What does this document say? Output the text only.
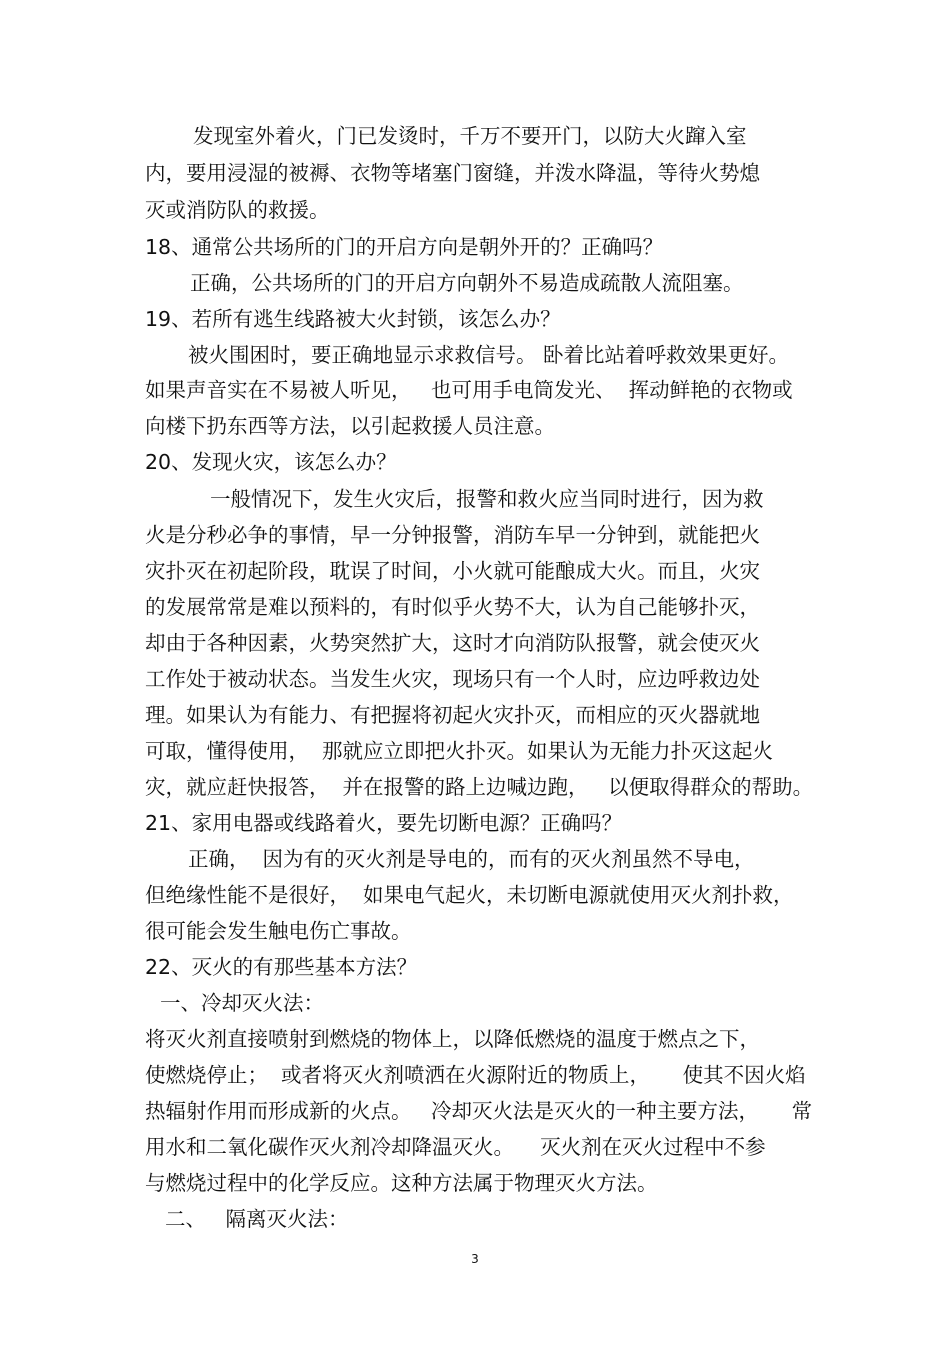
发现室外着火，门已发烫时，千万不要开门，以防大火蹿入室
内，要用浸湿的被褥、衣物等堵塞门窗缝，并泼水降温，等待火势熄
灭或消防队的救援。
18、通常公共场所的门的开启方向是朝外开的？正确吗？
正确，公共场所的门的开启方向朝外不易造成疏散人流阻塞。
19、若所有逃生线路被大火封锁，该怎么办？
被火围困时，要正确地显示求救信号。 卧着比站着呼救效果更好。
如果声音实在不易被人听见，   也可用手电筒发光、  挥动鲜艳的衣物或
向楼下扔东西等方法，以引起救援人员注意。
20、发现火灾，该怎么办？
一般情况下，发生火灾后，报警和救火应当同时进行，因为救
火是分秒必争的事情，早一分钟报警，消防车早一分钟到，就能把火
灾扑灭在初起阶段，耽误了时间，小火就可能酿成大火。而且，火灾
的发展常常是难以预料的，有时似乎火势不大，认为自己能够扑灭，
却由于各种因素，火势突然扩大，这时才向消防队报警，就会使灭火
工作处于被动状态。当发生火灾，现场只有一个人时，应边呼救边处
理。如果认为有能力、有把握将初起火灾扑灭，而相应的灭火器就地
可取，懂得使用，  那就应立即把火扑灭。如果认为无能力扑灭这起火
灾，就应赶快报答，  并在报警的路上边喊边跑，   以便取得群众的帮助。
21、家用电器或线路着火，要先切断电源？正确吗？
正确，  因为有的灭火剂是导电的，而有的灭火剂虽然不导电，
但绝缘性能不是很好，  如果电气起火，未切断电源就使用灭火剂扑救，
很可能会发生触电伤亡事故。
22、灭火的有那些基本方法？
一、冷却灭火法：
将灭火剂直接喷射到燃烧的物体上，以降低燃烧的温度于燃点之下，
使燃烧停止；  或者将灭火剂喷洒在火源附近的物质上，     使其不因火焰
热辐射作用而形成新的火点。   冷却灭火法是灭火的一种主要方法，     常
用水和二氧化碳作灭火剂冷却降温灭火。    灭火剂在灭火过程中不参
与燃烧过程中的化学反应。这种方法属于物理灭火方法。
二、   隔离灭火法：
3
